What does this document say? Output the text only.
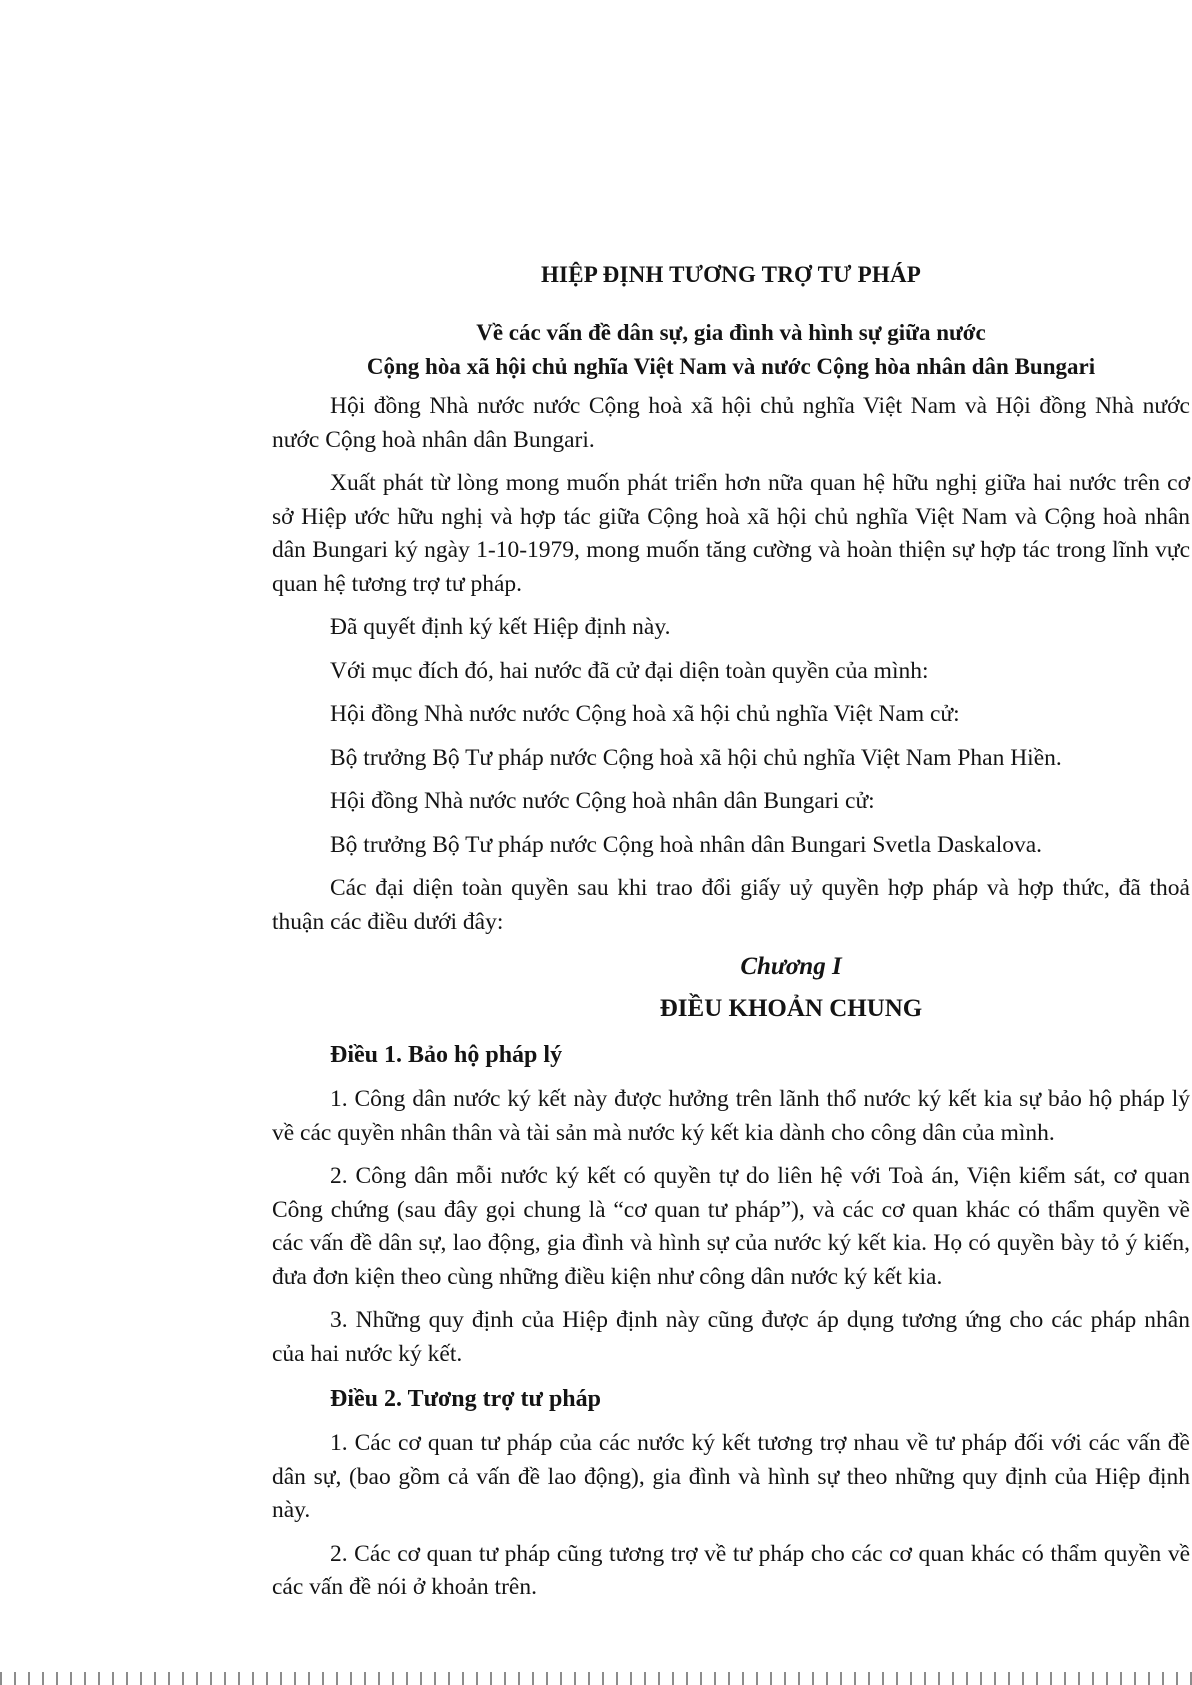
HIỆP ĐỊNH TƯƠNG TRỢ TƯ PHÁP
Về các vấn đề dân sự, gia đình và hình sự giữa nước
Cộng hòa xã hội chủ nghĩa Việt Nam và nước Cộng hòa nhân dân Bungari

Hội đồng Nhà nước nước Cộng hoà xã hội chủ nghĩa Việt Nam và Hội đồng Nhà nước nước Cộng hoà nhân dân Bungari.

Xuất phát từ lòng mong muốn phát triển hơn nữa quan hệ hữu nghị giữa hai nước trên cơ sở Hiệp ước hữu nghị và hợp tác giữa Cộng hoà xã hội chủ nghĩa Việt Nam và Cộng hoà nhân dân Bungari ký ngày 1-10-1979, mong muốn tăng cường và hoàn thiện sự hợp tác trong lĩnh vực quan hệ tương trợ tư pháp.

Đã quyết định ký kết Hiệp định này.

Với mục đích đó, hai nước đã cử đại diện toàn quyền của mình:

Hội đồng Nhà nước nước Cộng hoà xã hội chủ nghĩa Việt Nam cử:

Bộ trưởng Bộ Tư pháp nước Cộng hoà xã hội chủ nghĩa Việt Nam Phan Hiền.

Hội đồng Nhà nước nước Cộng hoà nhân dân Bungari cử:

Bộ trưởng Bộ Tư pháp nước Cộng hoà nhân dân Bungari Svetla Daskalova.

Các đại diện toàn quyền sau khi trao đổi giấy uỷ quyền hợp pháp và hợp thức, đã thoả thuận các điều dưới đây:

Chương I
ĐIỀU KHOẢN CHUNG
Điều 1. Bảo hộ pháp lý

1. Công dân nước ký kết này được hưởng trên lãnh thổ nước ký kết kia sự bảo hộ pháp lý về các quyền nhân thân và tài sản mà nước ký kết kia dành cho công dân của mình.

2. Công dân mỗi nước ký kết có quyền tự do liên hệ với Toà án, Viện kiểm sát, cơ quan Công chứng (sau đây gọi chung là “cơ quan tư pháp”), và các cơ quan khác có thẩm quyền về các vấn đề dân sự, lao động, gia đình và hình sự của nước ký kết kia. Họ có quyền bày tỏ ý kiến, đưa đơn kiện theo cùng những điều kiện như công dân nước ký kết kia.

3. Những quy định của Hiệp định này cũng được áp dụng tương ứng cho các pháp nhân của hai nước ký kết.

Điều 2. Tương trợ tư pháp

1. Các cơ quan tư pháp của các nước ký kết tương trợ nhau về tư pháp đối với các vấn đề dân sự, (bao gồm cả vấn đề lao động), gia đình và hình sự theo những quy định của Hiệp định này.

2. Các cơ quan tư pháp cũng tương trợ về tư pháp cho các cơ quan khác có thẩm quyền về các vấn đề nói ở khoản trên.
